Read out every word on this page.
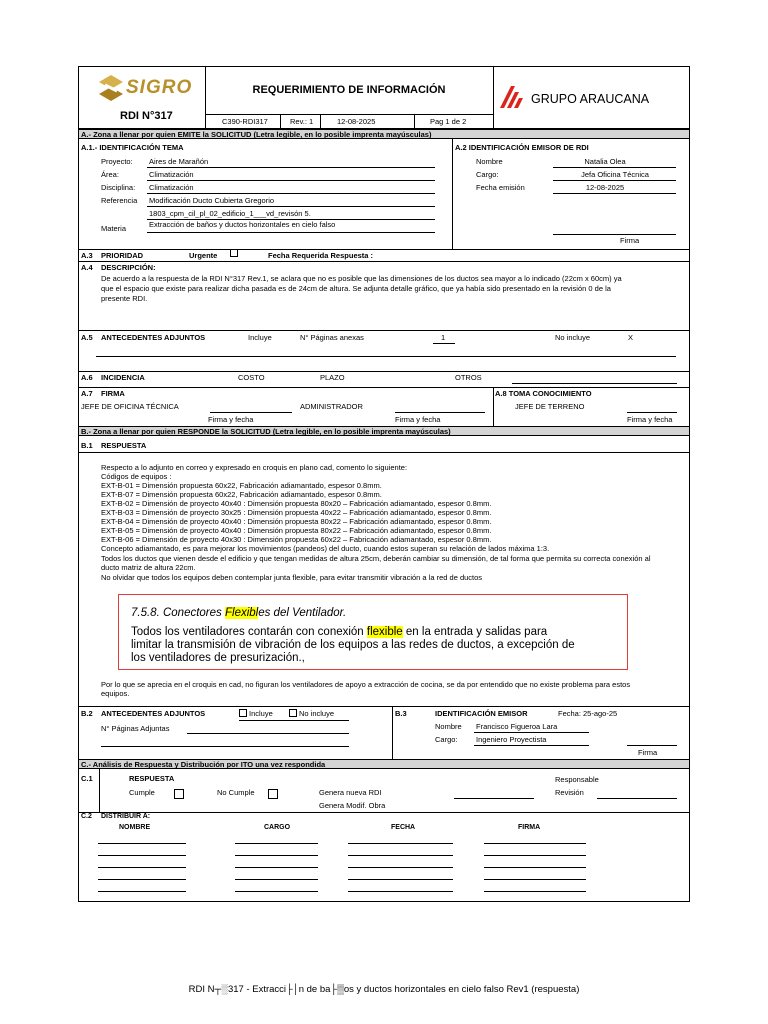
SIGRO	REQUERIMIENTO DE INFORMACIÓN
GRUPO ARAUCANA
RDI N°317	C390-RDI317	Rev.: 1	12-08-2025	Pag 1 de 2
A.- Zona a llenar por quien EMITE la SOLICITUD (Letra legible, en lo posible imprenta mayúsculas)
A.1.- IDENTIFICACIÓN TEMA
Proyecto: Aires de Marañón
Área:	Climatización
Disciplina: Climatización
Referencia Modificación Ducto Cubierta Gregorio
1803_cpm_cil_pl_02_edificio_1___vd_revisón 5.
Extracción de baños y ductos horizontales en cielo falso
Materia
A.2 IDENTIFICACIÓN EMISOR DE RDI
Nombre	Natalia Olea
Cargo:	Jefa Oficina Técnica
Fecha emisión	12-08-2025
Firma
A.3 PRIORIDAD	Urgente	Fecha Requerida Respuesta :
A.4 DESCRIPCIÓN:
De acuerdo a la respuesta de la RDI N°317 Rev.1, se aclara que no es posible que las dimensiones de los ductos sea mayor a lo indicado (22cm x 60cm) ya
que el espacio que existe para realizar dicha pasada es de 24cm de altura. Se adjunta detalle gráfico, que ya había sido presentado en la revisión 0 de la
presente RDI.
A.5 ANTECEDENTES ADJUNTOS	Incluye	N° Páginas anexas	1	No incluye	X
A.6 INCIDENCIA	COSTO	PLAZO	OTROS
A.7 FIRMA
JEFE DE OFICINA TÉCNICA	ADMINISTRADOR
Firma y fecha	Firma y fecha
A.8 TOMA CONOCIMIENTO
JEFE DE TERRENO
Firma y fecha
B.- Zona a llenar por quien RESPONDE la SOLICITUD (Letra legible, en lo posible imprenta mayúsculas)
B.1 RESPUESTA
Respecto a lo adjunto en correo y expresado en croquis en plano cad, comento lo siguiente:
Códigos de equipos :
EXT-B-01 = Dimensión propuesta 60x22, Fabricación adiamantado, espesor 0.8mm.
EXT-B-07 = Dimensión propuesta 60x22, Fabricación adiamantado, espesor 0.8mm.
EXT-B-02 = Dimensión de proyecto 40x40 : Dimensión propuesta 80x20 – Fabricación adiamantado, espesor 0.8mm.
EXT-B-03 = Dimensión de proyecto 30x25 : Dimensión propuesta 40x22 – Fabricación adiamantado, espesor 0.8mm.
EXT-B-04 = Dimensión de proyecto 40x40 : Dimensión propuesta 80x22 – Fabricación adiamantado, espesor 0.8mm.
EXT-B-05 = Dimensión de proyecto 40x40 : Dimensión propuesta 80x22 – Fabricación adiamantado, espesor 0.8mm.
EXT-B-06 = Dimensión de proyecto 40x30 : Dimensión propuesta 60x22 – Fabricación adiamantado, espesor 0.8mm.
Concepto adiamantado, es para mejorar los movimientos (pandeos) del ducto, cuando estos superan su relación de lados máxima 1:3.
Todos los ductos que vienen desde el edificio y que tengan medidas de altura 25cm, deberán cambiar su dimensión, de tal forma que permita su correcta conexión al
ducto matriz de altura 22cm.
No olvidar que todos los equipos deben contemplar junta flexible, para evitar transmitir vibración a la red de ductos
7.5.8. Conectores Flexibles del Ventilador.
Todos los ventiladores contarán con conexión flexible en la entrada y salidas para
limitar la transmisión de vibración de los equipos a las redes de ductos, a excepción de
los ventiladores de presurización.,
Por lo que se aprecia en el croquis en cad, no figuran los ventiladores de apoyo a extracción de cocina, se da por entendido que no existe problema para estos
equipos.
B.2 ANTECEDENTES ADJUNTOS	Incluye	No incluye
N° Páginas Adjuntas
B.3	IDENTIFICACIÓN EMISOR	Fecha: 25-ago-25
Nombre Francisco Figueroa Lara
Cargo: Ingeniero Proyectista
Firma
C.- Análisis de Respuesta y Distribución por ITO una vez respondida
C.1	RESPUESTA
Cumple	No Cumple	Genera nueva RDI
Genera Modif. Obra
Responsable
Revisión
C.2 DISTRIBUIR A:
NOMBRE	CARGO	FECHA	FIRMA
RDI N┬░317 - Extracci├│n de ba├▒os y ductos horizontales en cielo falso Rev1 (respuesta)
